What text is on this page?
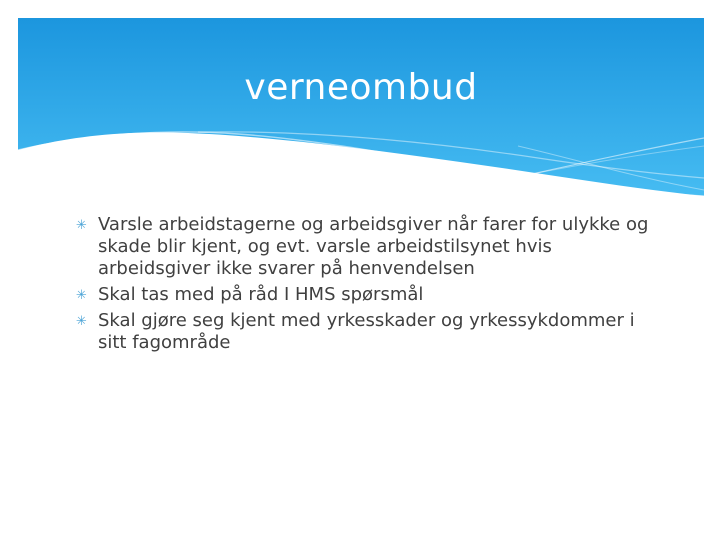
verneombud
✳ Varsle arbeidstagerne og arbeidsgiver når farer for ulykke og skade blir kjent, og evt. varsle arbeidstilsynet hvis arbeidsgiver ikke svarer på henvendelsen
✳ Skal tas med på råd I HMS spørsmål
✳ Skal gjøre seg kjent med yrkesskader og yrkessykdommer i sitt fagområde
